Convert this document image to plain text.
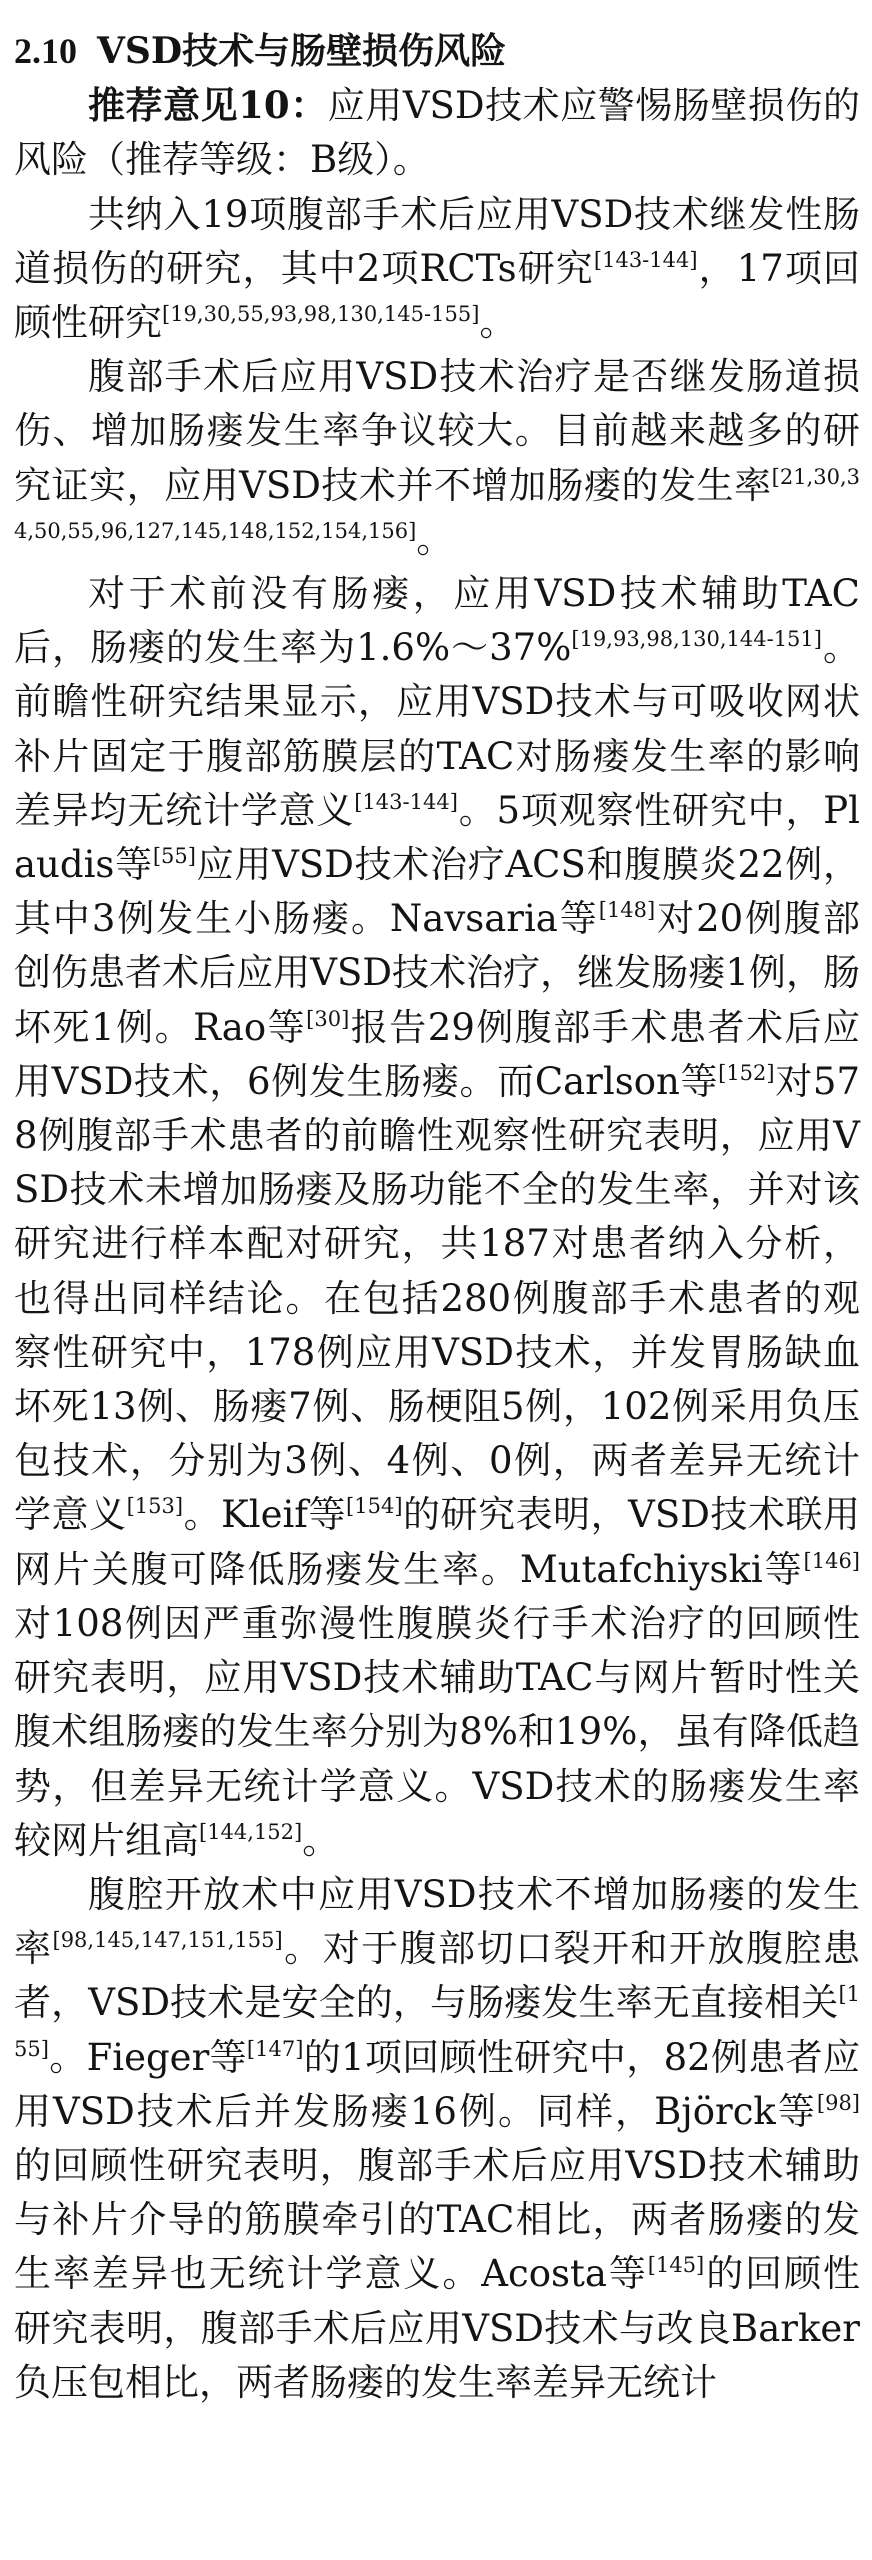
2.10 VSD技术与肠壁损伤风险

推荐意见10：应用VSD技术应警惕肠壁损伤的风险（推荐等级：B级）。

共纳入19项腹部手术后应用VSD技术继发性肠道损伤的研究，其中2项RCTs研究[143-144]，17项回顾性研究[19,30,55,93,98,130,145-155]。

腹部手术后应用VSD技术治疗是否继发肠道损伤、增加肠瘘发生率争议较大。目前越来越多的研究证实，应用VSD技术并不增加肠瘘的发生率[21,30,34,50,55,96,127,145,148,152,154,156]。

对于术前没有肠瘘，应用VSD技术辅助TAC后，肠瘘的发生率为1.6%～37%[19,93,98,130,144-151]。前瞻性研究结果显示，应用VSD技术与可吸收网状补片固定于腹部筋膜层的TAC对肠瘘发生率的影响差异均无统计学意义[143-144]。5项观察性研究中，Plaudis等[55]应用VSD技术治疗ACS和腹膜炎22例，其中3例发生小肠瘘。Navsaria等[148]对20例腹部创伤患者术后应用VSD技术治疗，继发肠瘘1例，肠坏死1例。Rao等[30]报告29例腹部手术患者术后应用VSD技术，6例发生肠瘘。而Carlson等[152]对578例腹部手术患者的前瞻性观察性研究表明，应用VSD技术未增加肠瘘及肠功能不全的发生率，并对该研究进行样本配对研究，共187对患者纳入分析，也得出同样结论。在包括280例腹部手术患者的观察性研究中，178例应用VSD技术，并发胃肠缺血坏死13例、肠瘘7例、肠梗阻5例，102例采用负压包技术，分别为3例、4例、0例，两者差异无统计学意义[153]。Kleif等[154]的研究表明，VSD技术联用网片关腹可降低肠瘘发生率。Mutafchiyski等[146]对108例因严重弥漫性腹膜炎行手术治疗的回顾性研究表明，应用VSD技术辅助TAC与网片暂时性关腹术组肠瘘的发生率分别为8%和19%，虽有降低趋势，但差异无统计学意义。VSD技术的肠瘘发生率较网片组高[144,152]。

腹腔开放术中应用VSD技术不增加肠瘘的发生率[98,145,147,151,155]。对于腹部切口裂开和开放腹腔患者，VSD技术是安全的，与肠瘘发生率无直接相关[155]。Fieger等[147]的1项回顾性研究中，82例患者应用VSD技术后并发肠瘘16例。同样，Björck等[98]的回顾性研究表明，腹部手术后应用VSD技术辅助与补片介导的筋膜牵引的TAC相比，两者肠瘘的发生率差异也无统计学意义。Acosta等[145]的回顾性研究表明，腹部手术后应用VSD技术与改良Barker负压包相比，两者肠瘘的发生率差异无统计
